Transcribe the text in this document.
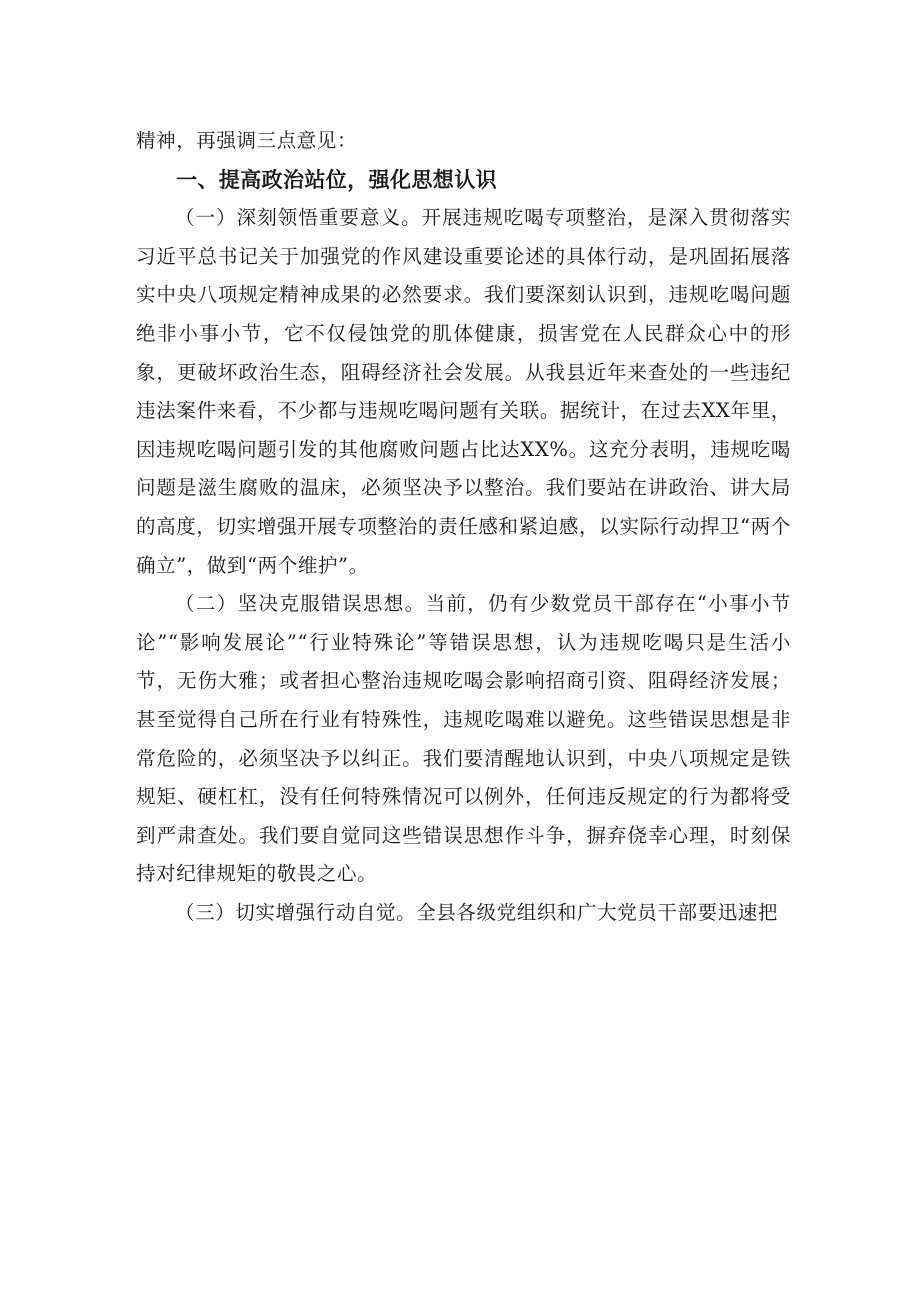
精神，再强调三点意见：

一、提高政治站位，强化思想认识

（一）深刻领悟重要意义。开展违规吃喝专项整治，是深入贯彻落实习近平总书记关于加强党的作风建设重要论述的具体行动，是巩固拓展落实中央八项规定精神成果的必然要求。我们要深刻认识到，违规吃喝问题绝非小事小节，它不仅侵蚀党的肌体健康，损害党在人民群众心中的形象，更破坏政治生态，阻碍经济社会发展。从我县近年来查处的一些违纪违法案件来看，不少都与违规吃喝问题有关联。据统计，在过去XX年里，因违规吃喝问题引发的其他腐败问题占比达XX%。这充分表明，违规吃喝问题是滋生腐败的温床，必须坚决予以整治。我们要站在讲政治、讲大局的高度，切实增强开展专项整治的责任感和紧迫感，以实际行动捍卫“两个确立”，做到“两个维护”。

（二）坚决克服错误思想。当前，仍有少数党员干部存在“小事小节论”“影响发展论”“行业特殊论”等错误思想，认为违规吃喝只是生活小节，无伤大雅；或者担心整治违规吃喝会影响招商引资、阻碍经济发展；甚至觉得自己所在行业有特殊性，违规吃喝难以避免。这些错误思想是非常危险的，必须坚决予以纠正。我们要清醒地认识到，中央八项规定是铁规矩、硬杠杠，没有任何特殊情况可以例外，任何违反规定的行为都将受到严肃查处。我们要自觉同这些错误思想作斗争，摒弃侥幸心理，时刻保持对纪律规矩的敬畏之心。

（三）切实增强行动自觉。全县各级党组织和广大党员干部要迅速把
